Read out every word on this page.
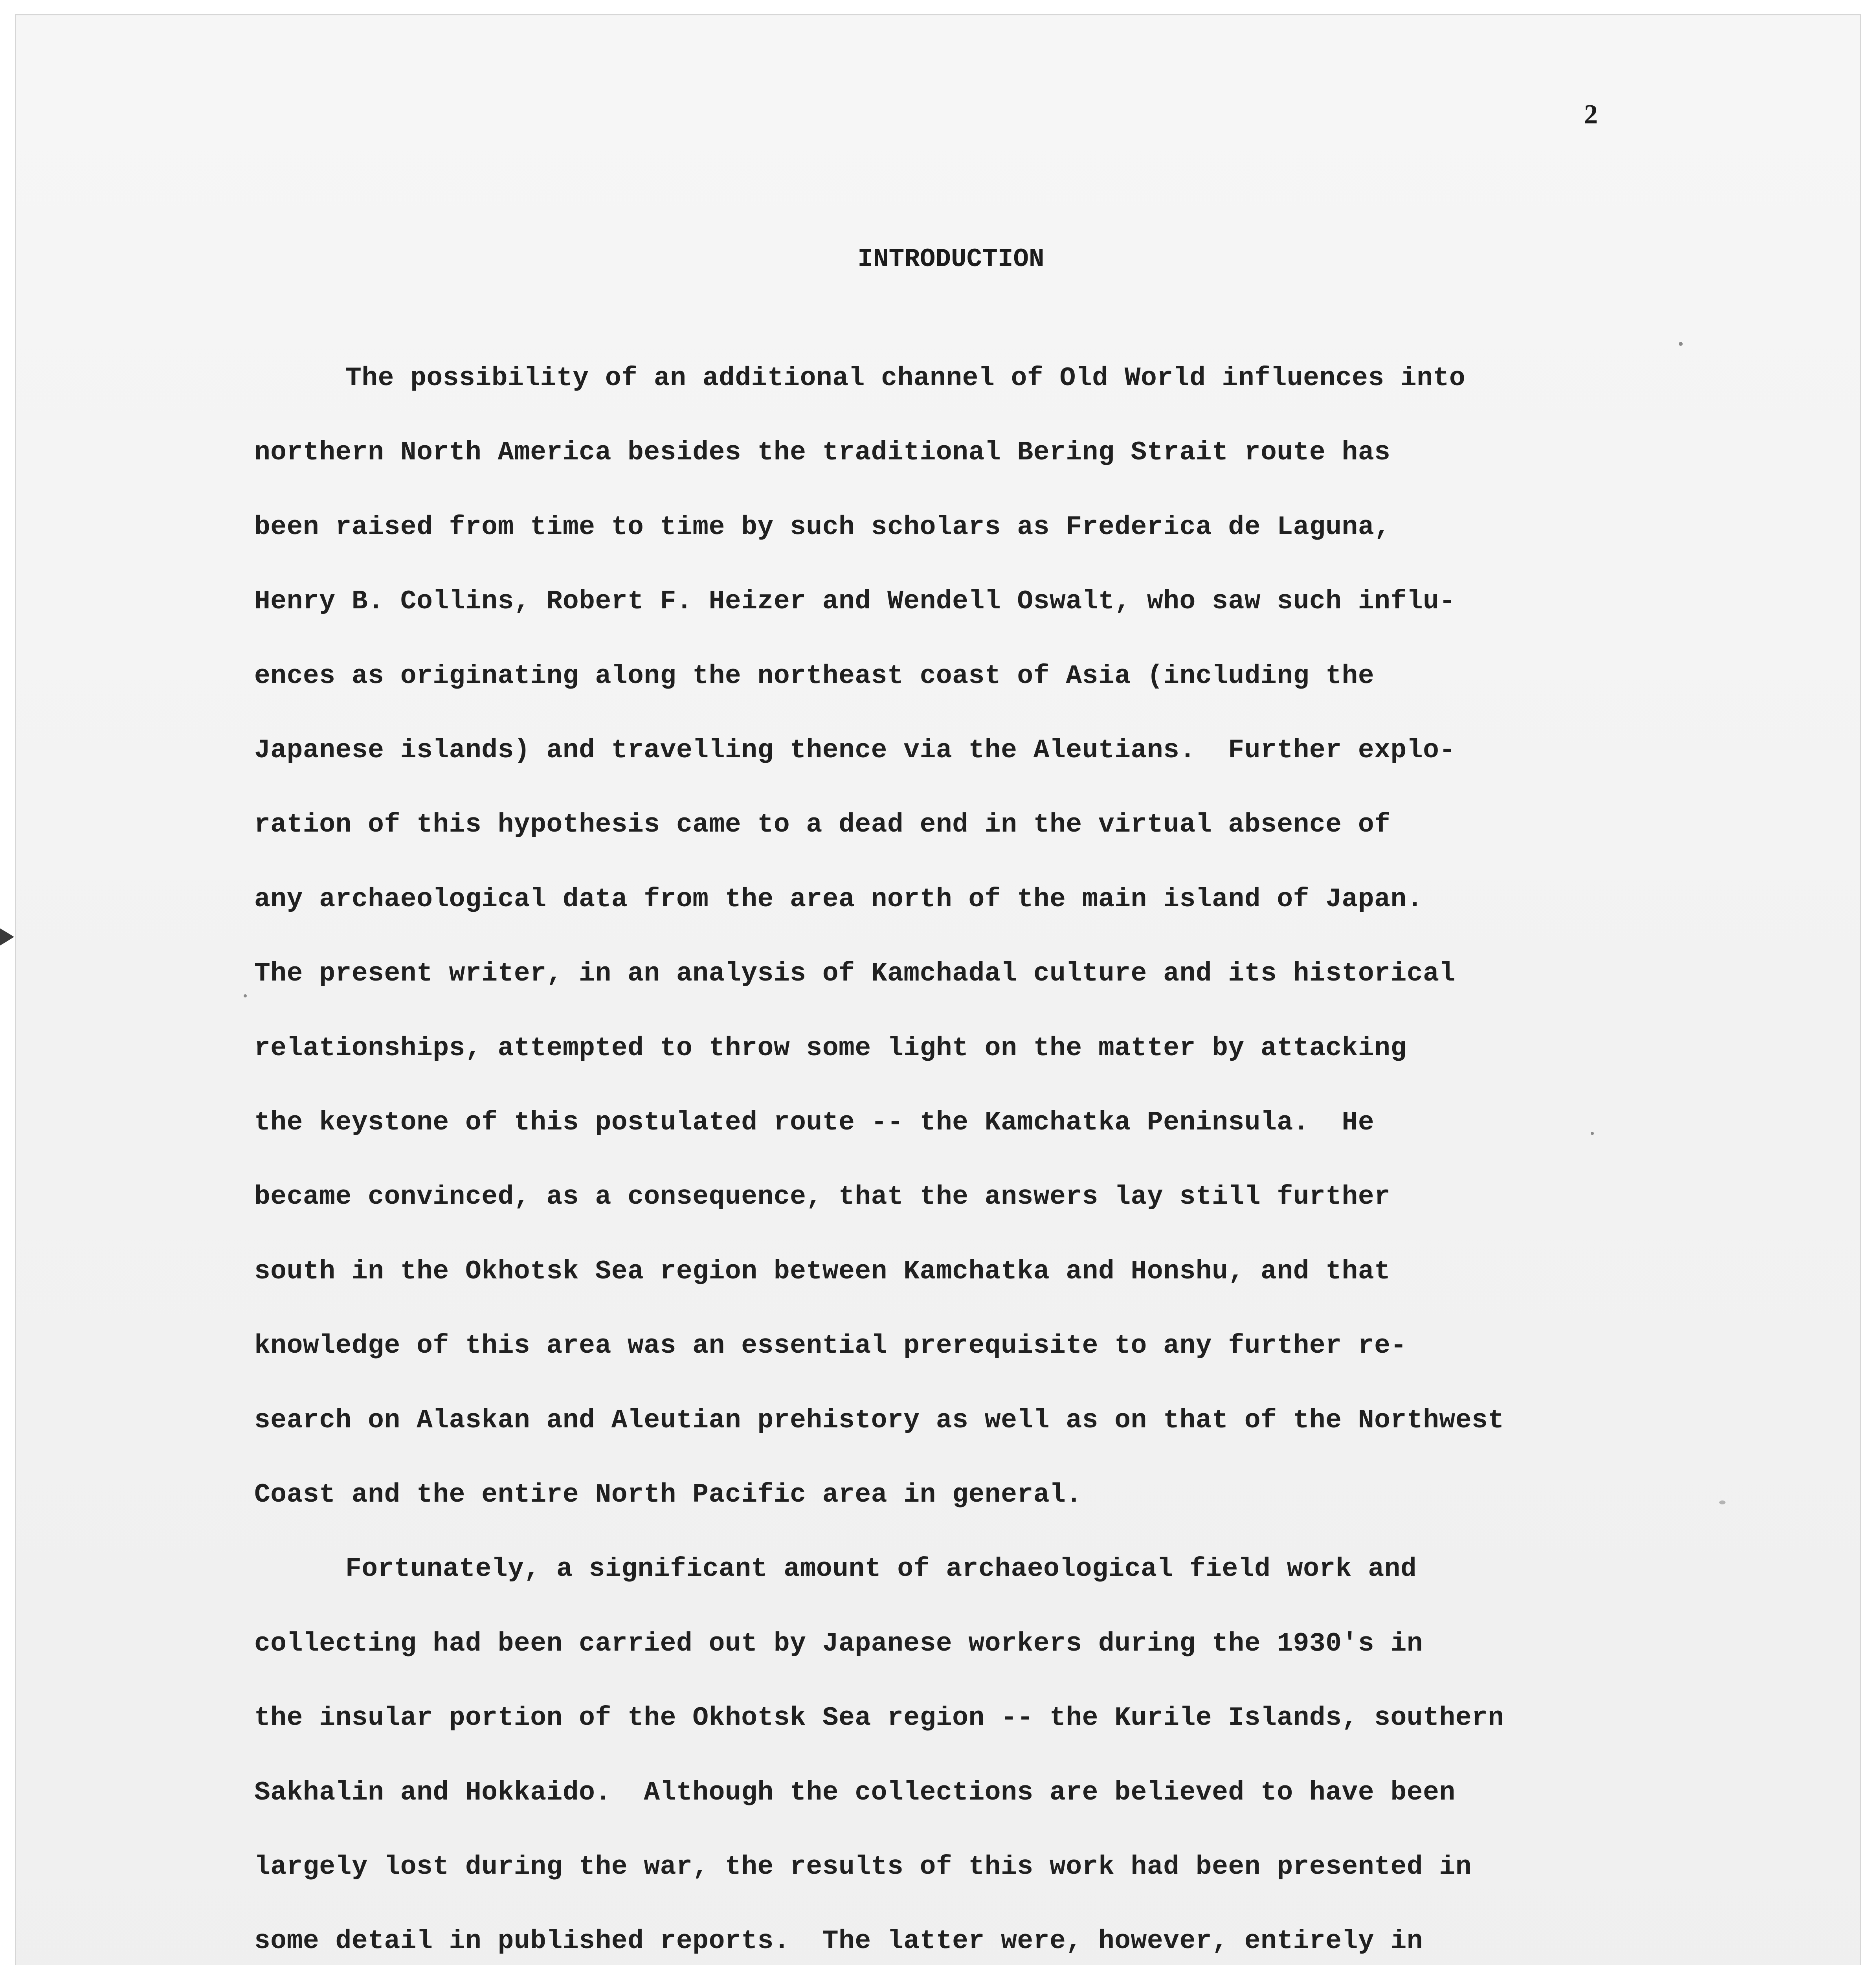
2
INTRODUCTION
The possibility of an additional channel of Old World influences into
northern North America besides the traditional Bering Strait route has
been raised from time to time by such scholars as Frederica de Laguna,
Henry B. Collins, Robert F. Heizer and Wendell Oswalt, who saw such influ-
ences as originating along the northeast coast of Asia (including the
Japanese islands) and travelling thence via the Aleutians.  Further explo-
ration of this hypothesis came to a dead end in the virtual absence of
any archaeological data from the area north of the main island of Japan.
The present writer, in an analysis of Kamchadal culture and its historical
relationships, attempted to throw some light on the matter by attacking
the keystone of this postulated route -- the Kamchatka Peninsula.  He
became convinced, as a consequence, that the answers lay still further
south in the Okhotsk Sea region between Kamchatka and Honshu, and that
knowledge of this area was an essential prerequisite to any further re-
search on Alaskan and Aleutian prehistory as well as on that of the Northwest
Coast and the entire North Pacific area in general.
Fortunately, a significant amount of archaeological field work and
collecting had been carried out by Japanese workers during the 1930's in
the insular portion of the Okhotsk Sea region -- the Kurile Islands, southern
Sakhalin and Hokkaido.  Although the collections are believed to have been
largely lost during the war, the results of this work had been presented in
some detail in published reports.  The latter were, however, entirely in
